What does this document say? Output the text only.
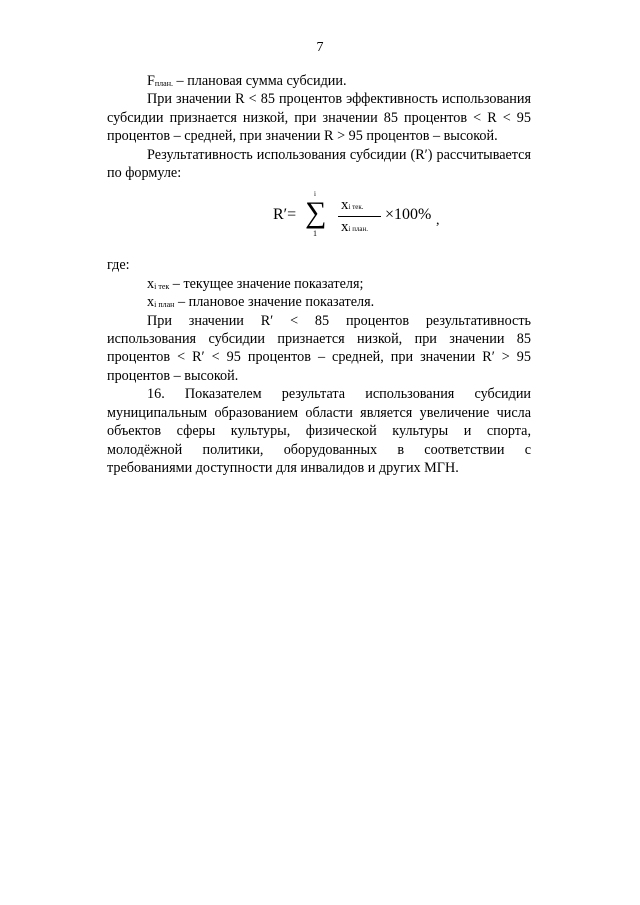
7

$F_{план.}$ – плановая сумма субсидии.

При значении R < 85 процентов эффективность использования субсидии признается низкой, при значении 85 процентов < R < 95 процентов – средней, при значении R > 95 процентов – высокой.

Результативность использования субсидии (R′) рассчитывается по формуле:

R′=
i
∑
1
xi тек.
xi план.
×100% ,

где:

$x_{i тек}$ – текущее значение показателя;

$x_{i план}$ – плановое значение показателя.

При значении R′ < 85 процентов результативность использования субсидии признается низкой, при значении 85 процентов < R′ < 95 процентов – средней, при значении R′ > 95 процентов – высокой.

16. Показателем результата использования субсидии муниципальным образованием области является увеличение числа объектов сферы культуры, физической культуры и спорта, молодёжной политики, оборудованных в соответствии с требованиями доступности для инвалидов и других МГН.
